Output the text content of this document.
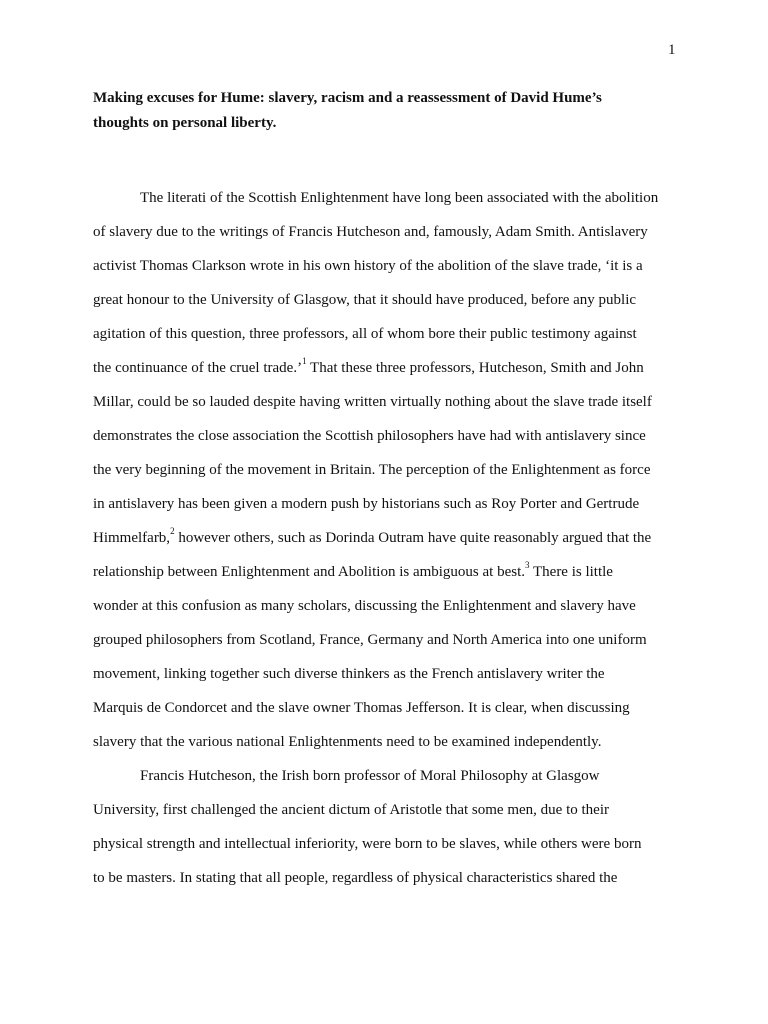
1
Making excuses for Hume: slavery, racism and a reassessment of David Hume’s
thoughts on personal liberty.
The literati of the Scottish Enlightenment have long been associated with the abolition
of slavery due to the writings of Francis Hutcheson and, famously, Adam Smith. Antislavery
activist Thomas Clarkson wrote in his own history of the abolition of the slave trade, ‘it is a
great honour to the University of Glasgow, that it should have produced, before any public
agitation of this question, three professors, all of whom bore their public testimony against
the continuance of the cruel trade.’$^1$ That these three professors, Hutcheson, Smith and John
Millar, could be so lauded despite having written virtually nothing about the slave trade itself
demonstrates the close association the Scottish philosophers have had with antislavery since
the very beginning of the movement in Britain. The perception of the Enlightenment as force
in antislavery has been given a modern push by historians such as Roy Porter and Gertrude
Himmelfarb,$^2$ however others, such as Dorinda Outram have quite reasonably argued that the
relationship between Enlightenment and Abolition is ambiguous at best.$^3$ There is little
wonder at this confusion as many scholars, discussing the Enlightenment and slavery have
grouped philosophers from Scotland, France, Germany and North America into one uniform
movement, linking together such diverse thinkers as the French antislavery writer the
Marquis de Condorcet and the slave owner Thomas Jefferson. It is clear, when discussing
slavery that the various national Enlightenments need to be examined independently.
Francis Hutcheson, the Irish born professor of Moral Philosophy at Glasgow
University, first challenged the ancient dictum of Aristotle that some men, due to their
physical strength and intellectual inferiority, were born to be slaves, while others were born
to be masters. In stating that all people, regardless of physical characteristics shared the
